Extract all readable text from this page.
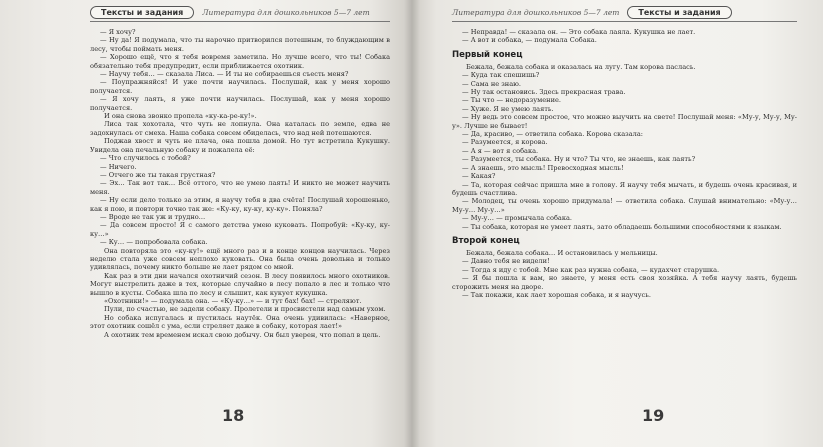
Тексты и задания	Литература для дошкольников 5—7 лет

— Я хочу?

— Ну да! Я подумала, что ты нарочно притворился потешным, то блуждающим в лесу, чтобы поймать меня.

— Хорошо ещё, что я тебя вовремя заметила. Но лучше всего, что ты! Собака обязательно тебя предупредит, если приближается охотник.

— Научу тебя… — сказала Лиса. — И ты не собираешься съесть меня?

— Поупражняйся! И уже почти научилась. Послушай, как у меня хорошо получается.

— Я хочу лаять, я уже почти научилась. Послушай, как у меня хорошо получается.

И она снова звонко пропела «ку-ка-ре-ку!».

Лиса так хохотала, что чуть не лопнула. Она каталась по земле, едва не задохнулась от смеха. Наша собака совсем обиделась, что над ней потешаются.

Поджав хвост и чуть не плача, она пошла домой. Но тут встретила Кукушку. Увидела она печальную собаку и пожалела её:

— Что случилось с тобой?

— Ничего.

— Отчего же ты такая грустная?

— Эх… Так вот так… Всё оттого, что не умею лаять! И никто не может научить меня.

— Ну если дело только за этим, я научу тебя в два счёта! Послушай хорошенько, как я пою, и повтори точно так же: «Ку-ку, ку-ку, ку-ку». Поняла?

— Вроде не так уж и трудно…

— Да совсем просто! Я с самого детства умею куковать. Попробуй: «Ку-ку, ку-ку…»

— Ку… — попробовала собака.

Она повторяла это «ку-ку!» ещё много раз и в конце концов научилась. Через неделю стала уже совсем неплохо куковать. Она была очень довольна и только удивлялась, почему никто больше не лает рядом со мной.

Как раз в эти дни начался охотничий сезон. В лесу появилось много охотников. Могут выстрелить даже в тех, которые случайно в лесу попало в лес и только что вышло в кусты. Собака шла по лесу и слышит, как кукует кукушка.

«Охотники!» — подумала она. — «Ку-ку…» — и тут бах! бах! — стреляют.

Пули, по счастью, не задели собаку. Пролетели и просвистели над самым ухом.

Но собака испугалась и пустилась наутёк. Она очень удивилась: «Наверное, этот охотник сошёл с ума, если стреляет даже в собаку, которая лает!»

А охотник тем временем искал свою добычу. Он был уверен, что попал в цель.

18
Тексты и задания
Литература для дошкольников 5—7 лет

— Неправда! — сказала он. — Это собака лаяла. Кукушка не лает.

— А вот и собака, — подумала Собака.

Первый конец

Бежала, бежала собака и оказалась на лугу. Там корова паслась.

— Куда так спешишь?

— Сама не знаю.

— Ну так остановись. Здесь прекрасная трава.

— Ты что — недоразумение.

— Хуже. Я не умею лаять.

— Ну ведь это совсем простое, что можно выучить на свете! Послушай меня: «Му-у, Му-у, Му-у». Лучше не бывает!

— Да, красиво, — ответила собака. Корова сказала:

— Разумеется, я корова.

— А я — вот я собака.

— Разумеется, ты собака. Ну и что? Ты что, не знаешь, как лаять?

— А знаешь, это мысль! Превосходная мысль!

— Какая?

— Та, которая сейчас пришла мне в голову. Я научу тебя мычать, и будешь очень красивая, и будешь счастлива.

— Молодец, ты очень хорошо придумала! — ответила собака. Слушай внимательно: «Му-у… Му-у… Му-у…»

— Му-у… — промычала собака.

— Ты собака, которая не умеет лаять, зато обладаешь большими способностями к языкам.

Второй конец

Бежала, бежала собака… И остановилась у мельницы.

— Давно тебя не видели!

— Тогда я иду с тобой. Мне как раз нужна собака, — кудахчет старушка.

— Я бы пошла к вам, но знаете, у меня есть своя хозяйка. А тебя научу лаять, будешь сторожить меня на дворе.

— Так покажи, как лает хорошая собака, и я научусь.

19
